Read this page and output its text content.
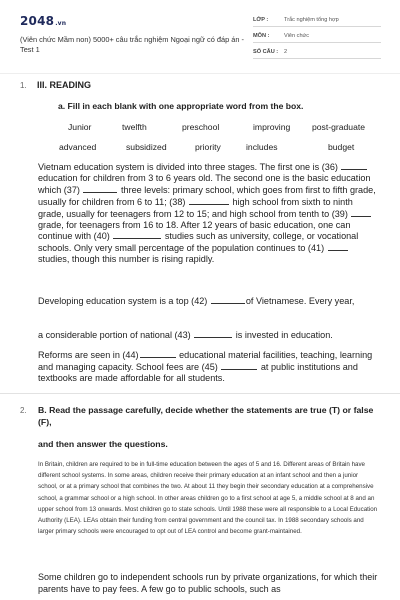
2048.vn
(Viên chức Mầm non) 5000+ câu trắc nghiệm Ngoại ngữ có đáp án - Test 1
LỚP :	Trắc nghiệm tổng hợp
MÔN :	Viên chức
SỐ CÂU : 2
1. III. READING
a. Fill in each blank with one appropriate word from the box.
Junior	twelfth	preschool	improving	post-graduate
advanced	subsidized	priority	includes	budget
Vietnam education system is divided into three stages. The first one is (36)  education for children from 3 to 6 years old. The second one is the basic education which (37)	three levels: primary school, which goes from first to fifth grade, usually for children from 6 to 11; (38)	high school from sixth to ninth grade, usually for teenagers from 12 to 15; and high school from tenth to (39)  grade, for teenagers from 16 to 18. After 12 years of basic education, one can continue with (40)	studies such as university, college, or vocational schools. Only very small percentage of the population continues to (41)  studies, though this number is rising rapidly.
Developing education system is a top (42)	of Vietnamese. Every year,
a considerable portion of national (43)	is invested in education.
Reforms are seen in (44)	educational material facilities, teaching, learning and managing capacity. School fees are (45)	at public institutions and textbooks are made affordable for all students.
2. B. Read the passage carefully, decide whether the statements are true (T) or false (F),
and then answer the questions.
In Britain, children are required to be in full-time education between the ages of 5 and 16. Different areas of Britain have different school systems. In some areas, children receive their primary education at an infant school and then a junior school, or at a primary school that combines the two. At about 11 they begin their secondary education at a comprehensive school, a grammar school or a high school. In other areas children go to a first school at age 5, a middle school at 8 and an upper school from 13 onwards. Most children go to state schools. Until 1988 these were all responsible to a Local Education Authority (LEA). LEAs obtain their funding from central government and the council tax. In 1988 secondary schools and larger primary schools were encouraged to opt out of LEA control and become grant-maintained.
Some children go to independent schools run by private organizations, for which their parents have to pay fees. A few go to public schools, such as
